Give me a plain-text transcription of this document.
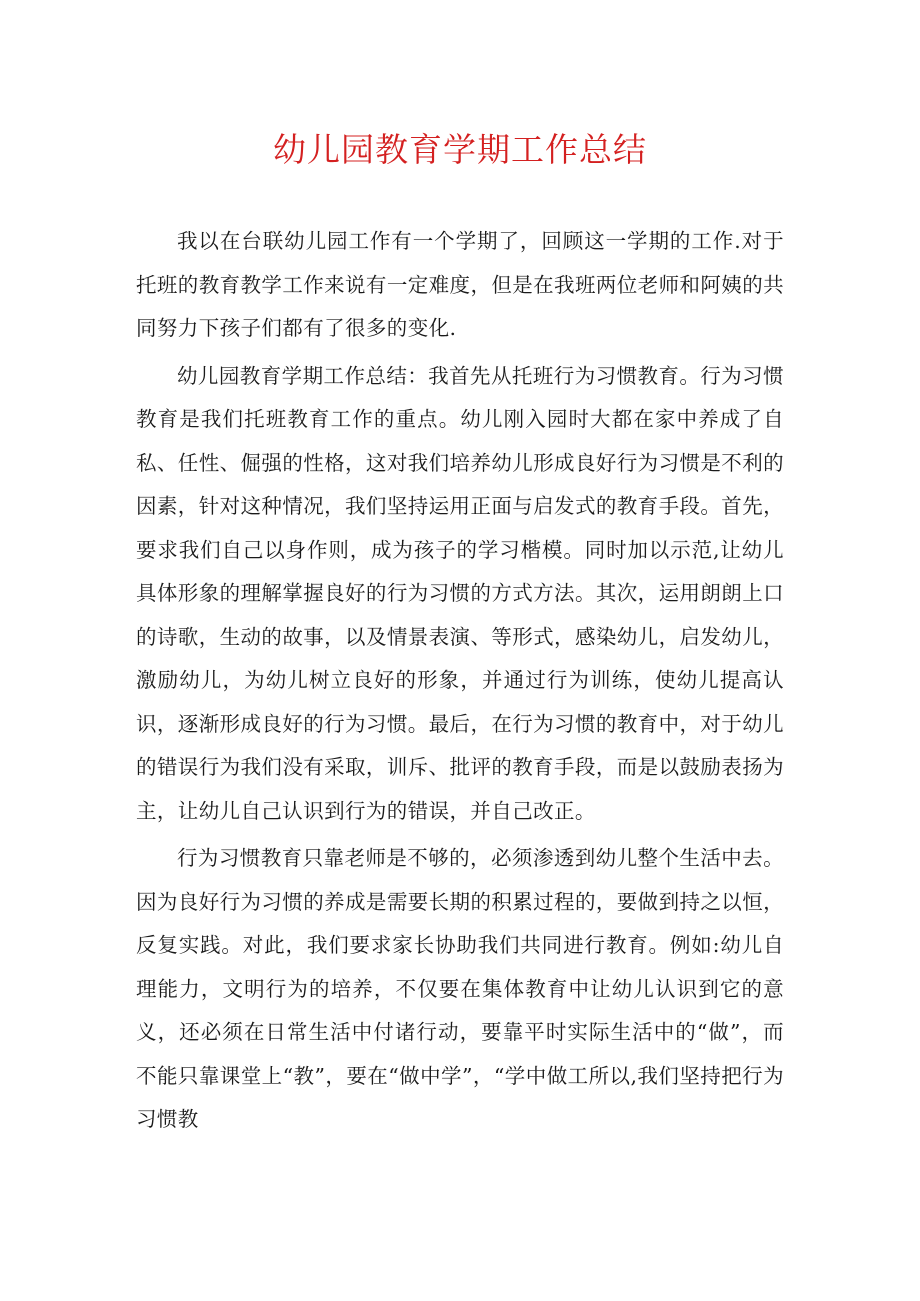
幼儿园教育学期工作总结

我以在台联幼儿园工作有一个学期了，回顾这一学期的工作.对于托班的教育教学工作来说有一定难度，但是在我班两位老师和阿姨的共同努力下孩子们都有了很多的变化.

幼儿园教育学期工作总结：我首先从托班行为习惯教育。行为习惯教育是我们托班教育工作的重点。幼儿刚入园时大都在家中养成了自私、任性、倔强的性格，这对我们培养幼儿形成良好行为习惯是不利的因素，针对这种情况，我们坚持运用正面与启发式的教育手段。首先，要求我们自己以身作则，成为孩子的学习楷模。同时加以示范,让幼儿具体形象的理解掌握良好的行为习惯的方式方法。其次，运用朗朗上口的诗歌，生动的故事，以及情景表演、等形式，感染幼儿，启发幼儿，激励幼儿，为幼儿树立良好的形象，并通过行为训练，使幼儿提高认识，逐渐形成良好的行为习惯。最后，在行为习惯的教育中，对于幼儿的错误行为我们没有采取，训斥、批评的教育手段，而是以鼓励表扬为主，让幼儿自己认识到行为的错误，并自己改正。

行为习惯教育只靠老师是不够的，必须渗透到幼儿整个生活中去。因为良好行为习惯的养成是需要长期的积累过程的，要做到持之以恒，反复实践。对此，我们要求家长协助我们共同进行教育。例如:幼儿自理能力，文明行为的培养，不仅要在集体教育中让幼儿认识到它的意义，还必须在日常生活中付诸行动，要靠平时实际生活中的“做”，而不能只靠课堂上“教”，要在“做中学”，“学中做工所以,我们坚持把行为习惯教
